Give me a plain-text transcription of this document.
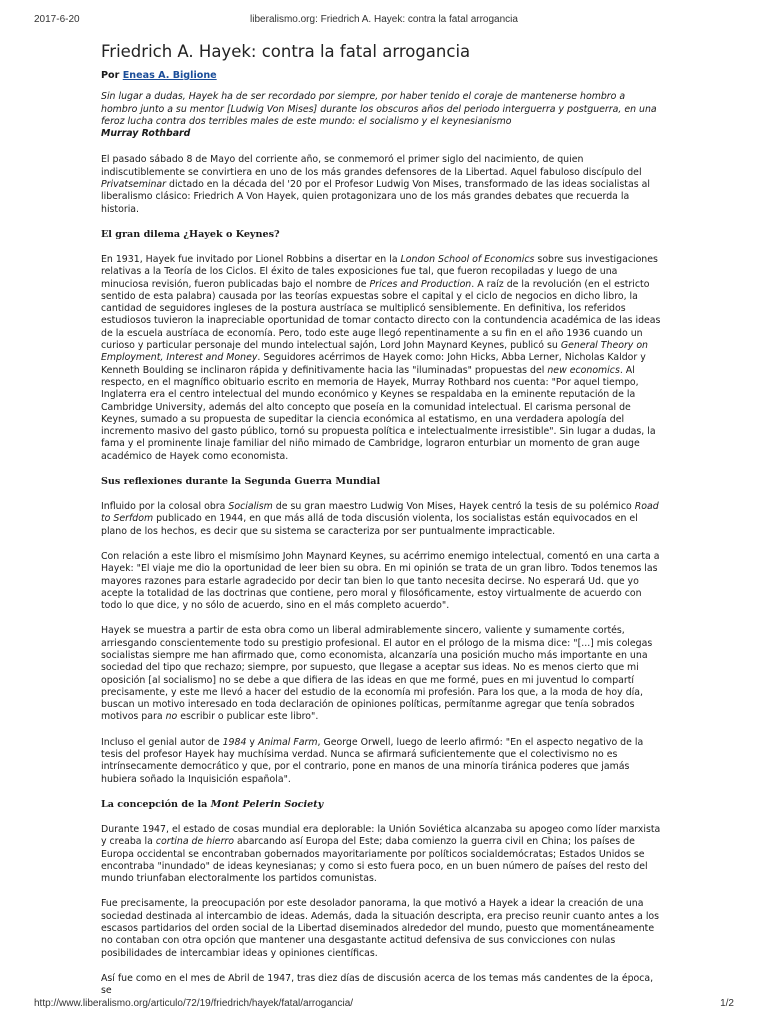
2017-6-20	liberalismo.org: Friedrich A. Hayek: contra la fatal arrogancia
Friedrich A. Hayek: contra la fatal arrogancia
Por Eneas A. Biglione

Sin lugar a dudas, Hayek ha de ser recordado por siempre, por haber tenido el coraje de mantenerse hombro a hombro junto a su mentor [Ludwig Von Mises] durante los obscuros años del periodo interguerra y postguerra, en una feroz lucha contra dos terribles males de este mundo: el socialismo y el keynesianismo

Murray Rothbard

El pasado sábado 8 de Mayo del corriente año, se conmemoró el primer siglo del nacimiento, de quien indiscutiblemente se convirtiera en uno de los más grandes defensores de la Libertad. Aquel fabuloso discípulo del Privatseminar dictado en la década del '20 por el Profesor Ludwig Von Mises, transformado de las ideas socialistas al liberalismo clásico: Friedrich A Von Hayek, quien protagonizara uno de los más grandes debates que recuerda la historia.

El gran dilema ¿Hayek o Keynes?

En 1931, Hayek fue invitado por Lionel Robbins a disertar en la London School of Economics sobre sus investigaciones relativas a la Teoría de los Ciclos. El éxito de tales exposiciones fue tal, que fueron recopiladas y luego de una minuciosa revisión, fueron publicadas bajo el nombre de Prices and Production. A raíz de la revolución (en el estricto sentido de esta palabra) causada por las teorías expuestas sobre el capital y el ciclo de negocios en dicho libro, la cantidad de seguidores ingleses de la postura austríaca se multiplicó sensiblemente. En definitiva, los referidos estudiosos tuvieron la inapreciable oportunidad de tomar contacto directo con la contundencia académica de las ideas de la escuela austríaca de economía. Pero, todo este auge llegó repentinamente a su fin en el año 1936 cuando un curioso y particular personaje del mundo intelectual sajón, Lord John Maynard Keynes, publicó su General Theory on Employment, Interest and Money. Seguidores acérrimos de Hayek como: John Hicks, Abba Lerner, Nicholas Kaldor y Kenneth Boulding se inclinaron rápida y definitivamente hacia las "iluminadas" propuestas del new economics. Al respecto, en el magnífico obituario escrito en memoria de Hayek, Murray Rothbard nos cuenta: "Por aquel tiempo, Inglaterra era el centro intelectual del mundo económico y Keynes se respaldaba en la eminente reputación de la Cambridge University, además del alto concepto que poseía en la comunidad intelectual. El carisma personal de Keynes, sumado a su propuesta de supeditar la ciencia económica al estatismo, en una verdadera apología del incremento masivo del gasto público, tornó su propuesta política e intelectualmente irresistible". Sin lugar a dudas, la fama y el prominente linaje familiar del niño mimado de Cambridge, lograron enturbiar un momento de gran auge académico de Hayek como economista.

Sus reflexiones durante la Segunda Guerra Mundial

Influido por la colosal obra Socialism de su gran maestro Ludwig Von Mises, Hayek centró la tesis de su polémico Road to Serfdom publicado en 1944, en que más allá de toda discusión violenta, los socialistas están equivocados en el plano de los hechos, es decir que su sistema se caracteriza por ser puntualmente impracticable.

Con relación a este libro el mismísimo John Maynard Keynes, su acérrimo enemigo intelectual, comentó en una carta a Hayek: "El viaje me dio la oportunidad de leer bien su obra. En mi opinión se trata de un gran libro. Todos tenemos las mayores razones para estarle agradecido por decir tan bien lo que tanto necesita decirse. No esperará Ud. que yo acepte la totalidad de las doctrinas que contiene, pero moral y filosóficamente, estoy virtualmente de acuerdo con todo lo que dice, y no sólo de acuerdo, sino en el más completo acuerdo".

Hayek se muestra a partir de esta obra como un liberal admirablemente sincero, valiente y sumamente cortés, arriesgando conscientemente todo su prestigio profesional. El autor en el prólogo de la misma dice: "[...] mis colegas socialistas siempre me han afirmado que, como economista, alcanzaría una posición mucho más importante en una sociedad del tipo que rechazo; siempre, por supuesto, que llegase a aceptar sus ideas. No es menos cierto que mi oposición [al socialismo] no se debe a que difiera de las ideas en que me formé, pues en mi juventud lo compartí precisamente, y este me llevó a hacer del estudio de la economía mi profesión. Para los que, a la moda de hoy día, buscan un motivo interesado en toda declaración de opiniones políticas, permítanme agregar que tenía sobrados motivos para no escribir o publicar este libro".

Incluso el genial autor de 1984 y Animal Farm, George Orwell, luego de leerlo afirmó: "En el aspecto negativo de la tesis del profesor Hayek hay muchísima verdad. Nunca se afirmará suficientemente que el colectivismo no es intrínsecamente democrático y que, por el contrario, pone en manos de una minoría tiránica poderes que jamás hubiera soñado la Inquisición española".

La concepción de la Mont Pelerin Society

Durante 1947, el estado de cosas mundial era deplorable: la Unión Soviética alcanzaba su apogeo como líder marxista y creaba la cortina de hierro abarcando así Europa del Este; daba comienzo la guerra civil en China; los países de Europa occidental se encontraban gobernados mayoritariamente por políticos socialdemócratas; Estados Unidos se encontraba "inundado" de ideas keynesianas; y como si esto fuera poco, en un buen número de países del resto del mundo triunfaban electoralmente los partidos comunistas.

Fue precisamente, la preocupación por este desolador panorama, la que motivó a Hayek a idear la creación de una sociedad destinada al intercambio de ideas. Además, dada la situación descripta, era preciso reunir cuanto antes a los escasos partidarios del orden social de la Libertad diseminados alrededor del mundo, puesto que momentáneamente no contaban con otra opción que mantener una desgastante actitud defensiva de sus convicciones con nulas posibilidades de intercambiar ideas y opiniones científicas.

Así fue como en el mes de Abril de 1947, tras diez días de discusión acerca de los temas más candentes de la época, se

http://www.liberalismo.org/articulo/72/19/friedrich/hayek/fatal/arrogancia/	1/2
